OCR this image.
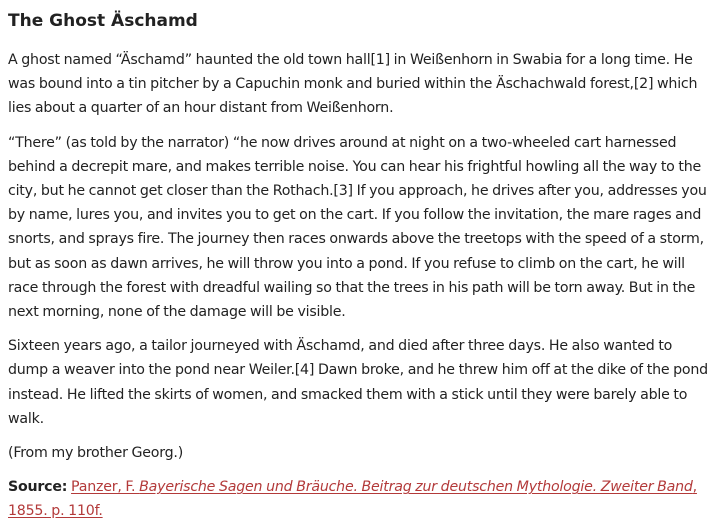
The Ghost Äschamd

A ghost named “Äschamd” haunted the old town hall[1] in Weißenhorn in Swabia for a long time. He was bound into a tin pitcher by a Capuchin monk and buried within the Äschachwald forest,[2] which lies about a quarter of an hour distant from Weißenhorn.

“There” (as told by the narrator) “he now drives around at night on a two-wheeled cart harnessed behind a decrepit mare, and makes terrible noise. You can hear his frightful howling all the way to the city, but he cannot get closer than the Rothach.[3] If you approach, he drives after you, addresses you by name, lures you, and invites you to get on the cart. If you follow the invitation, the mare rages and snorts, and sprays fire. The journey then races onwards above the treetops with the speed of a storm, but as soon as dawn arrives, he will throw you into a pond. If you refuse to climb on the cart, he will race through the forest with dreadful wailing so that the trees in his path will be torn away. But in the next morning, none of the damage will be visible.

Sixteen years ago, a tailor journeyed with Äschamd, and died after three days. He also wanted to dump a weaver into the pond near Weiler.[4] Dawn broke, and he threw him off at the dike of the pond instead. He lifted the skirts of women, and smacked them with a stick until they were barely able to walk.

(From my brother Georg.)

Source: Panzer, F. Bayerische Sagen und Bräuche. Beitrag zur deutschen Mythologie. Zweiter Band, 1855. p. 110f.
